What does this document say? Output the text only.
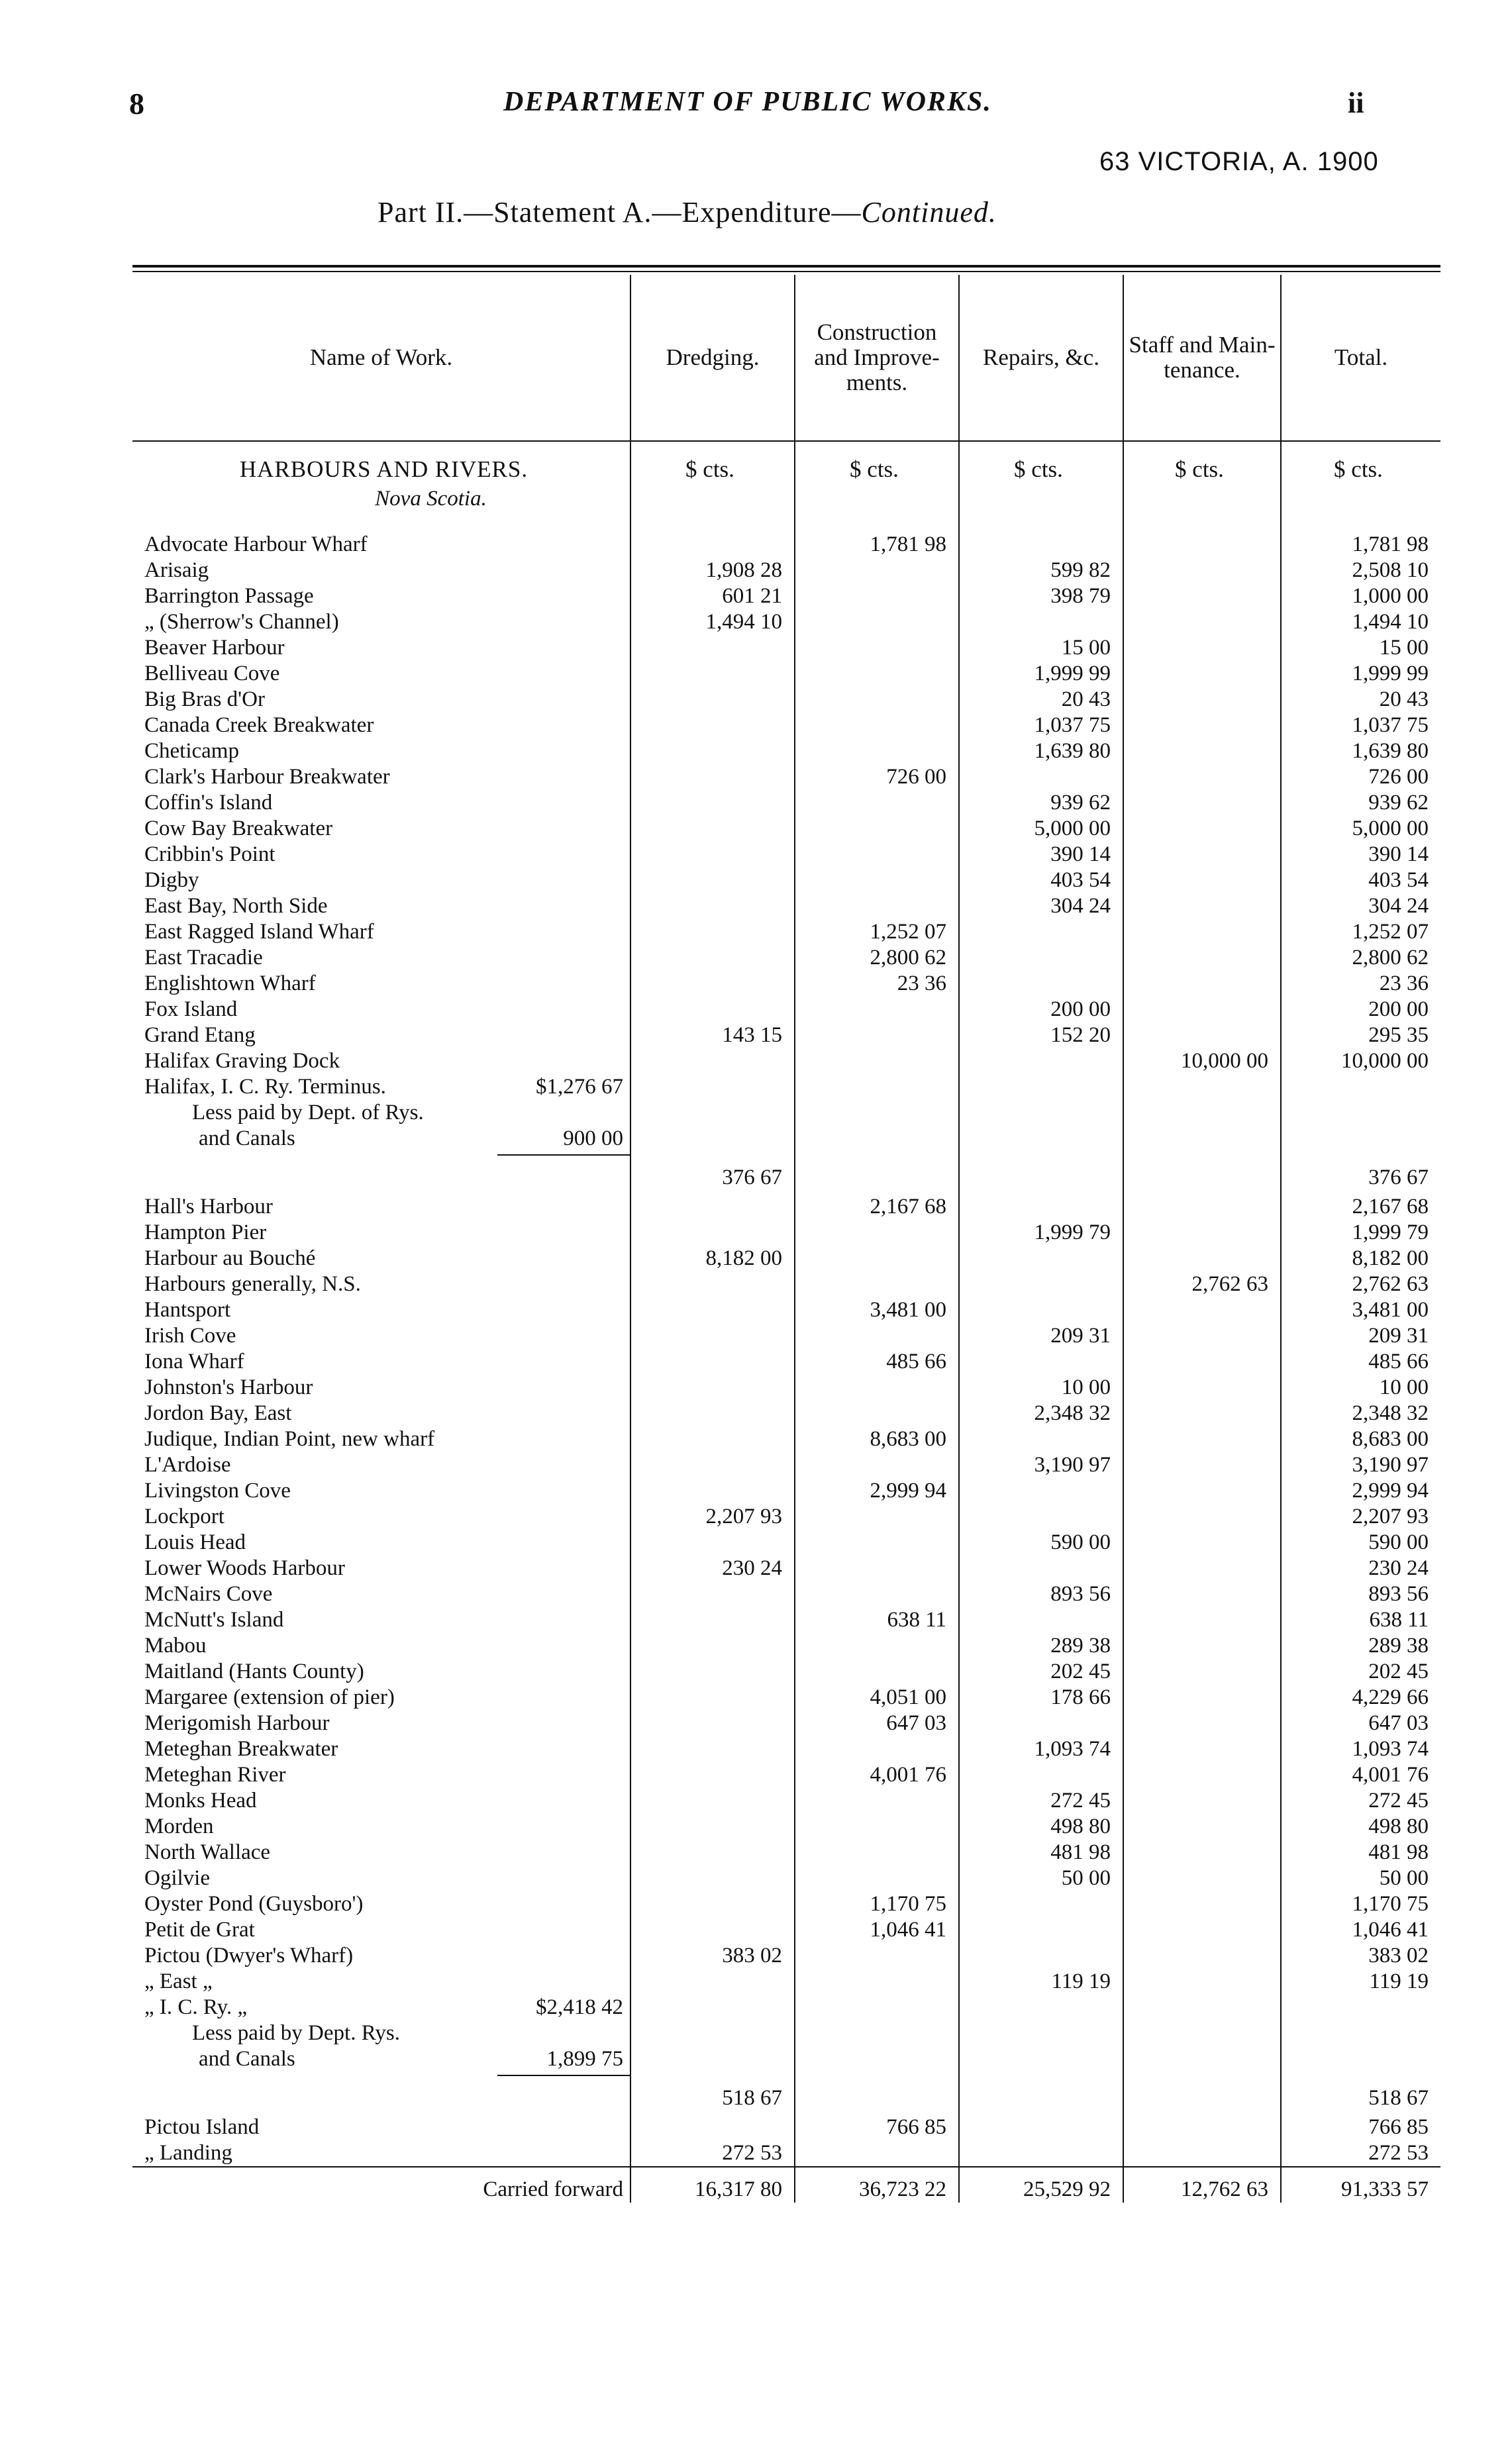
8	DEPARTMENT OF PUBLIC WORKS.	ii
63 VICTORIA, A. 1900
Part II.—Statement A.—Expenditure—Continued.
Name of Work.	Dredging.	Construction and Improvements.	Repairs, &c.	Staff and Maintenance.	Total.
HARBOURS AND RIVERS.	$ cts.	$ cts.	$ cts.	$ cts.	$ cts.
Nova Scotia.					
Advocate Harbour Wharf		1,781 98			1,781 98
Arisaig	1,908 28		599 82		2,508 10
Barrington Passage	601 21		398 79		1,000 00
„ (Sherrow's Channel)	1,494 10				1,494 10
Beaver Harbour			15 00		15 00
Belliveau Cove			1,999 99		1,999 99
Big Bras d'Or			20 43		20 43
Canada Creek Breakwater			1,037 75		1,037 75
Cheticamp			1,639 80		1,639 80
Clark's Harbour Breakwater		726 00			726 00
Coffin's Island			939 62		939 62
Cow Bay Breakwater			5,000 00		5,000 00
Cribbin's Point			390 14		390 14
Digby			403 54		403 54
East Bay, North Side			304 24		304 24
East Ragged Island Wharf		1,252 07			1,252 07
East Tracadie		2,800 62			2,800 62
Englishtown Wharf		23 36			23 36
Fox Island			200 00		200 00
Grand Etang	143 15		152 20		295 35
Halifax Graving Dock				10,000 00	10,000 00
Halifax, I. C. Ry. Terminus. $1,276 67					

Less paid by Dept. of Rys.					
and Canals 900 00					

	376 67				376 67
Hall's Harbour		2,167 68			2,167 68
Hampton Pier			1,999 79		1,999 79
Harbour au Bouché	8,182 00				8,182 00
Harbours generally, N.S.				2,762 63	2,762 63
Hantsport		3,481 00			3,481 00
Irish Cove			209 31		209 31
Iona Wharf		485 66			485 66
Johnston's Harbour			10 00		10 00
Jordon Bay, East			2,348 32		2,348 32
Judique, Indian Point, new wharf		8,683 00			8,683 00
L'Ardoise			3,190 97		3,190 97
Livingston Cove		2,999 94			2,999 94
Lockport	2,207 93				2,207 93
Louis Head			590 00		590 00
Lower Woods Harbour	230 24				230 24
McNairs Cove			893 56		893 56
McNutt's Island		638 11			638 11
Mabou			289 38		289 38
Maitland (Hants County)			202 45		202 45
Margaree (extension of pier)		4,051 00	178 66		4,229 66
Merigomish Harbour		647 03			647 03
Meteghan Breakwater			1,093 74		1,093 74
Meteghan River		4,001 76			4,001 76
Monks Head			272 45		272 45
Morden			498 80		498 80
North Wallace			481 98		481 98
Ogilvie			50 00		50 00
Oyster Pond (Guysboro')		1,170 75			1,170 75
Petit de Grat		1,046 41			1,046 41
Pictou (Dwyer's Wharf)	383 02				383 02
„ East „			119 19		119 19
„ I. C. Ry. „ $2,418 42					

Less paid by Dept. Rys.					
and Canals 1,899 75					

	518 67				518 67
Pictou Island		766 85			766 85
„ Landing	272 53				272 53
Carried forward	16,317 80	36,723 22	25,529 92	12,762 63	91,333 57
